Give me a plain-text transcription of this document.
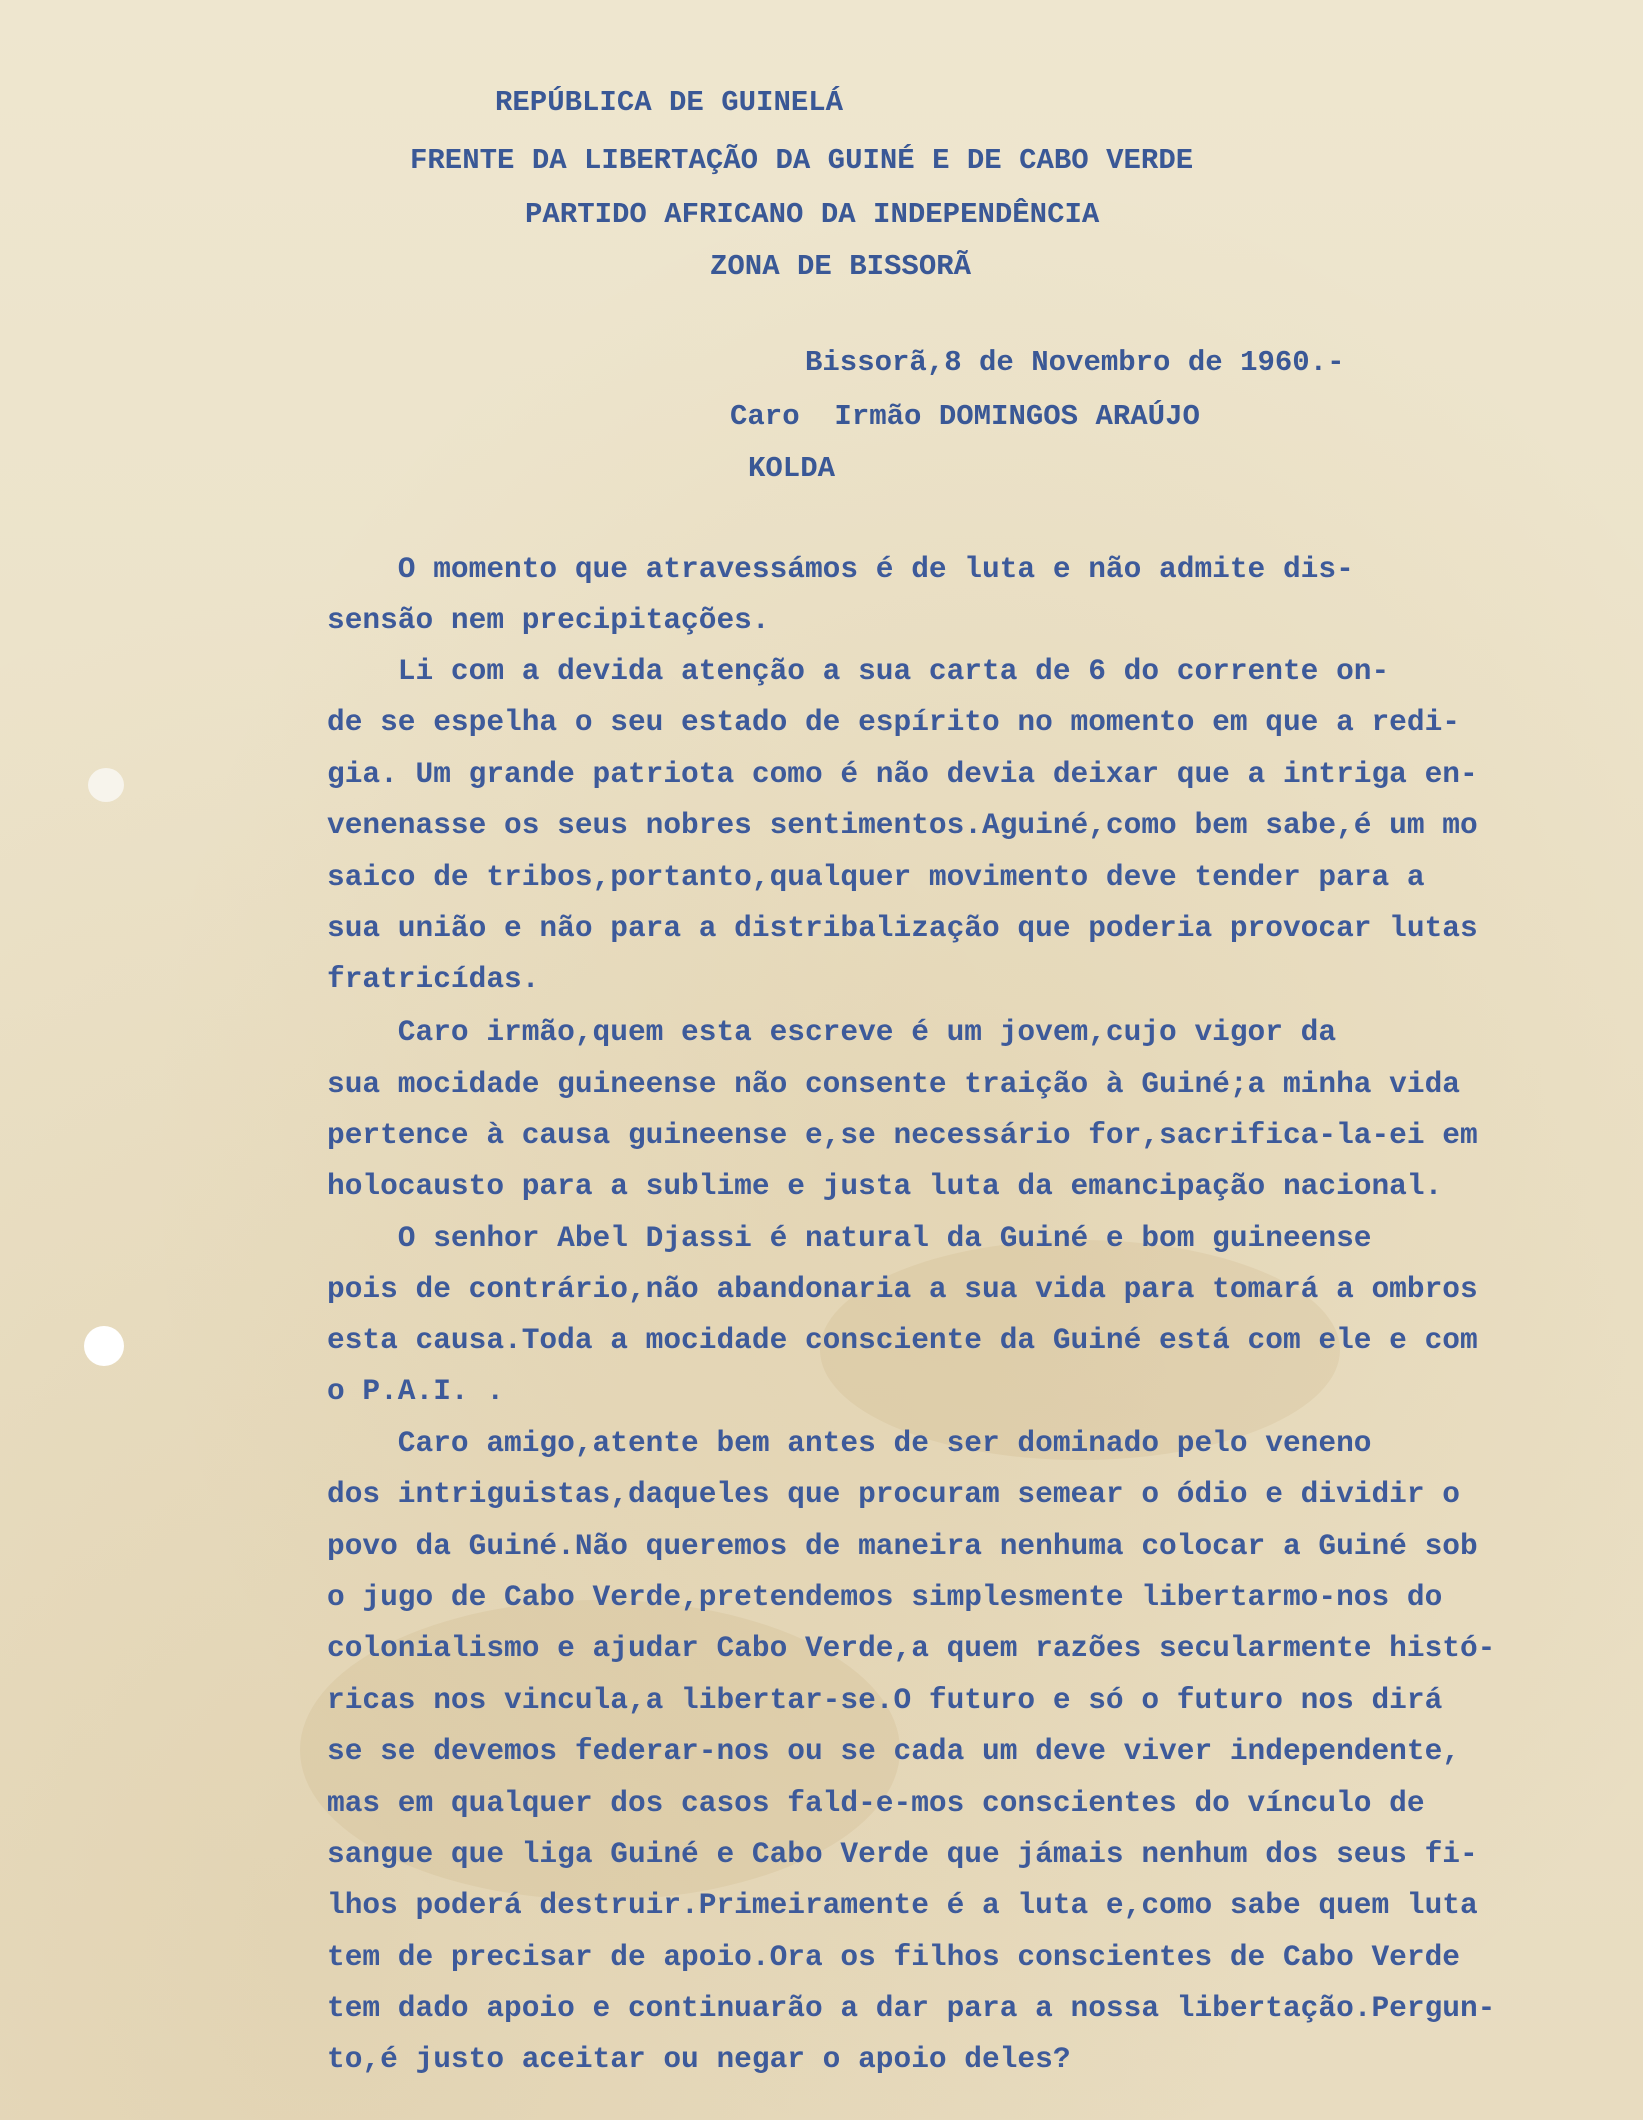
REPÚBLICA DE GUINELÁ
FRENTE DA LIBERTAÇÃO DA GUINÉ E DE CABO VERDE
PARTIDO AFRICANO DA INDEPENDÊNCIA
ZONA DE BISSORÃ
Bissorã,8 de Novembro de 1960.-
Caro  Irmão DOMINGOS ARAÚJO
KOLDA
O momento que atravessámos é de luta e não admite dis-
sensão nem precipitações.
Li com a devida atenção a sua carta de 6 do corrente on-
de se espelha o seu estado de espírito no momento em que a redi-
gia. Um grande patriota como é não devia deixar que a intriga en-
venenasse os seus nobres sentimentos.Aguiné,como bem sabe,é um mo
saico de tribos,portanto,qualquer movimento deve tender para a
sua união e não para a distribalização que poderia provocar lutas
fratricídas.
Caro irmão,quem esta escreve é um jovem,cujo vigor da
sua mocidade guineense não consente traição à Guiné;a minha vida
pertence à causa guineense e,se necessário for,sacrifica-la-ei em
holocausto para a sublime e justa luta da emancipação nacional.
O senhor Abel Djassi é natural da Guiné e bom guineense
pois de contrário,não abandonaria a sua vida para tomará a ombros
esta causa.Toda a mocidade consciente da Guiné está com ele e com
o P.A.I. .
Caro amigo,atente bem antes de ser dominado pelo veneno
dos intriguistas,daqueles que procuram semear o ódio e dividir o
povo da Guiné.Não queremos de maneira nenhuma colocar a Guiné sob
o jugo de Cabo Verde,pretendemos simplesmente libertarmo-nos do
colonialismo e ajudar Cabo Verde,a quem razões secularmente histó-
ricas nos vincula,a libertar-se.O futuro e só o futuro nos dirá
se se devemos federar-nos ou se cada um deve viver independente,
mas em qualquer dos casos fald-e-mos conscientes do vínculo de
sangue que liga Guiné e Cabo Verde que jámais nenhum dos seus fi-
lhos poderá destruir.Primeiramente é a luta e,como sabe quem luta
tem de precisar de apoio.Ora os filhos conscientes de Cabo Verde
tem dado apoio e continuarão a dar para a nossa libertação.Pergun-
to,é justo aceitar ou negar o apoio deles?
